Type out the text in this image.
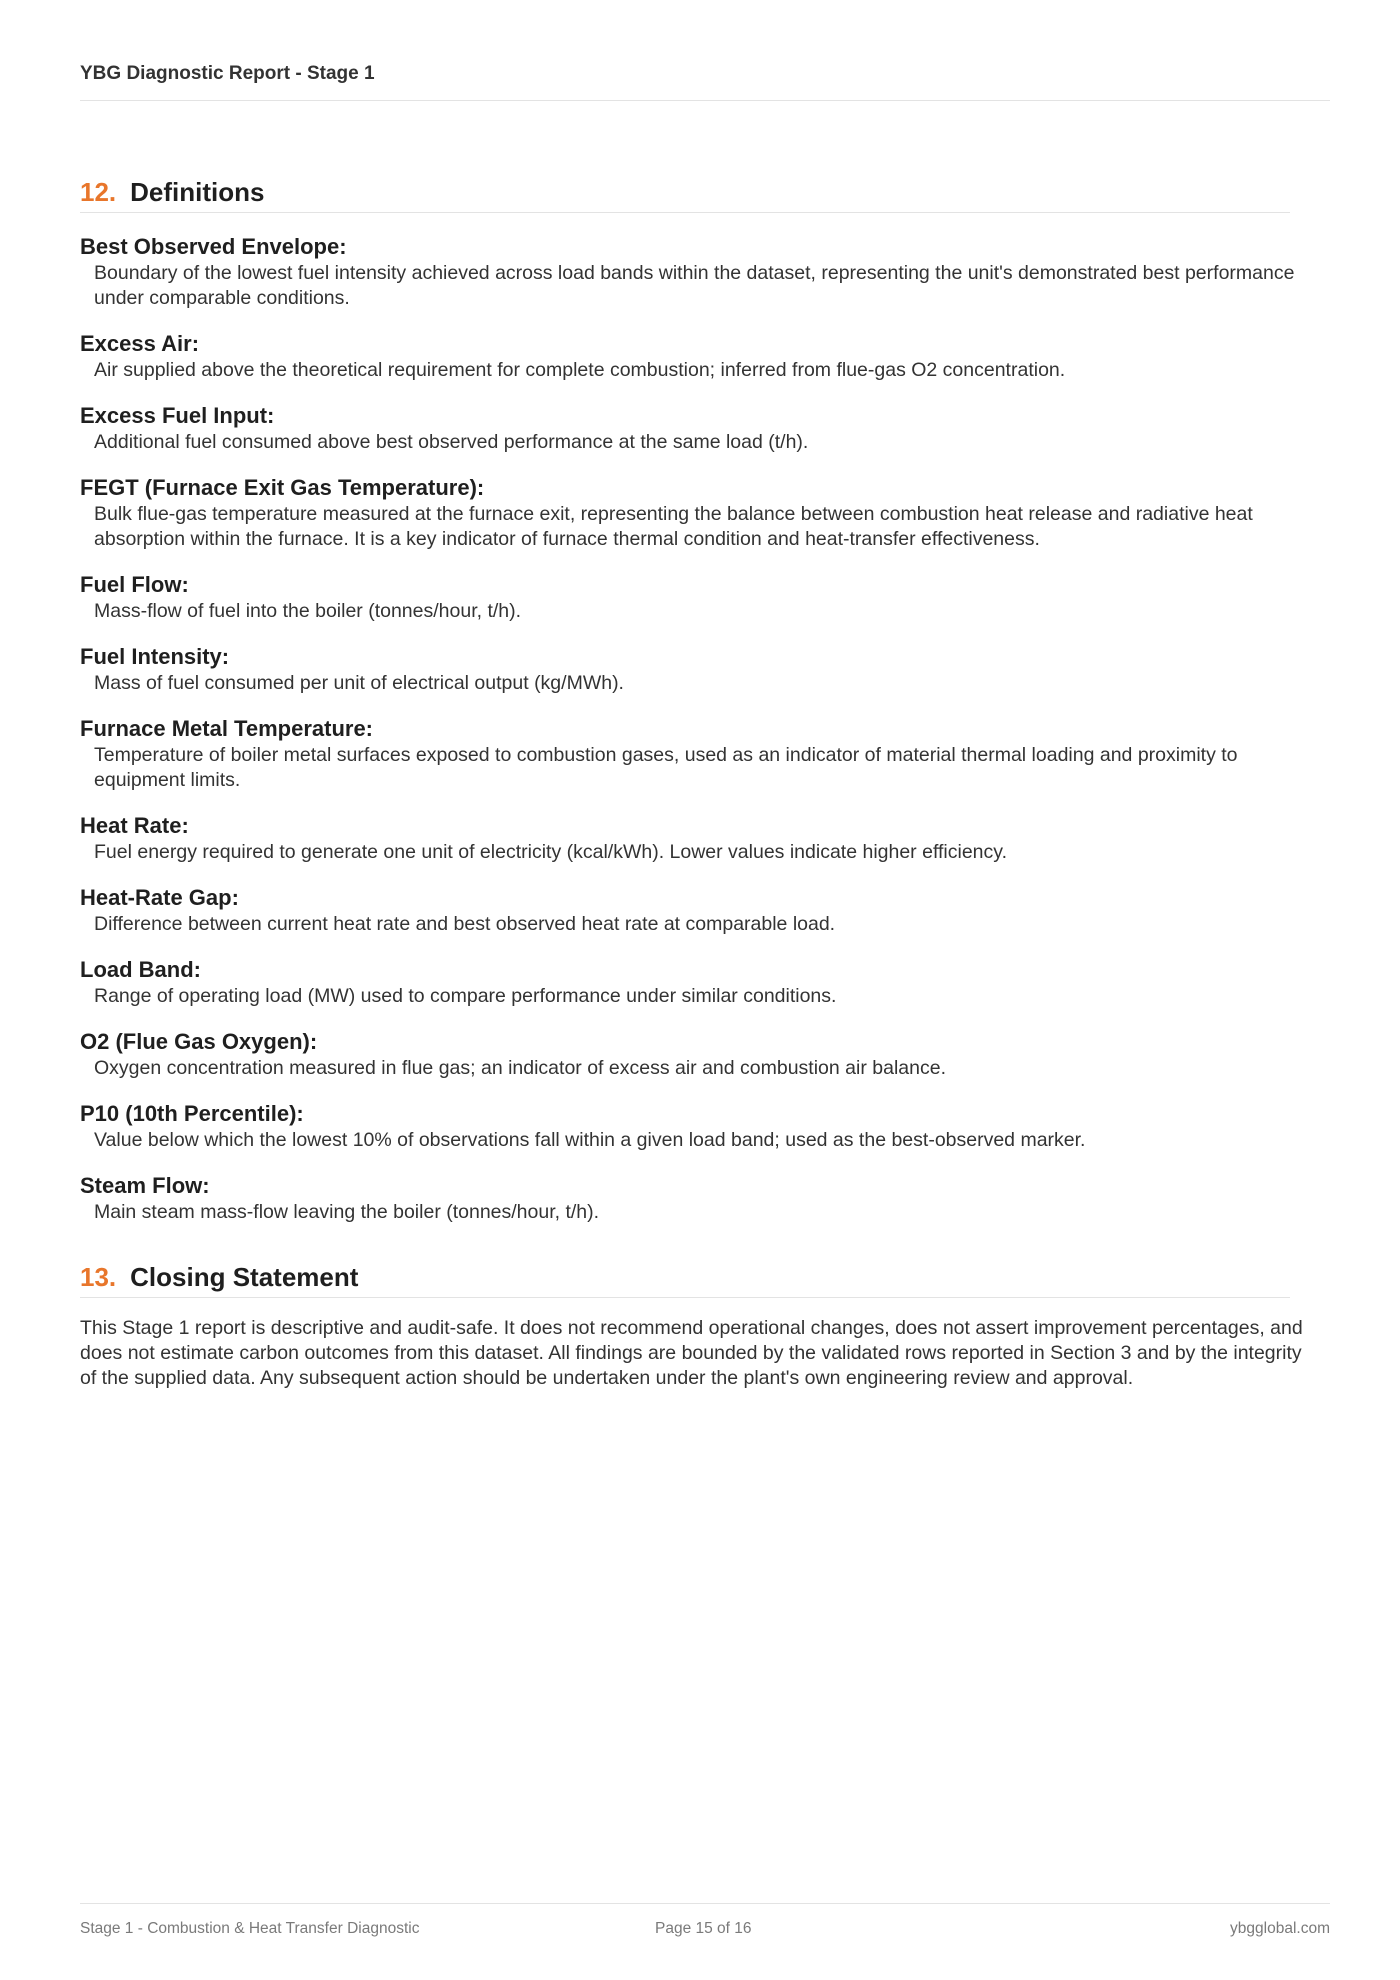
YBG Diagnostic Report - Stage 1
12. Definitions
Best Observed Envelope:
Boundary of the lowest fuel intensity achieved across load bands within the dataset, representing the unit's demonstrated best performance under comparable conditions.
Excess Air:
Air supplied above the theoretical requirement for complete combustion; inferred from flue-gas O2 concentration.
Excess Fuel Input:
Additional fuel consumed above best observed performance at the same load (t/h).
FEGT (Furnace Exit Gas Temperature):
Bulk flue-gas temperature measured at the furnace exit, representing the balance between combustion heat release and radiative heat absorption within the furnace. It is a key indicator of furnace thermal condition and heat-transfer effectiveness.
Fuel Flow:
Mass-flow of fuel into the boiler (tonnes/hour, t/h).
Fuel Intensity:
Mass of fuel consumed per unit of electrical output (kg/MWh).
Furnace Metal Temperature:
Temperature of boiler metal surfaces exposed to combustion gases, used as an indicator of material thermal loading and proximity to equipment limits.
Heat Rate:
Fuel energy required to generate one unit of electricity (kcal/kWh). Lower values indicate higher efficiency.
Heat-Rate Gap:
Difference between current heat rate and best observed heat rate at comparable load.
Load Band:
Range of operating load (MW) used to compare performance under similar conditions.
O2 (Flue Gas Oxygen):
Oxygen concentration measured in flue gas; an indicator of excess air and combustion air balance.
P10 (10th Percentile):
Value below which the lowest 10% of observations fall within a given load band; used as the best-observed marker.
Steam Flow:
Main steam mass-flow leaving the boiler (tonnes/hour, t/h).
13. Closing Statement
This Stage 1 report is descriptive and audit-safe. It does not recommend operational changes, does not assert improvement percentages, and does not estimate carbon outcomes from this dataset. All findings are bounded by the validated rows reported in Section 3 and by the integrity of the supplied data. Any subsequent action should be undertaken under the plant's own engineering review and approval.
Stage 1 - Combustion & Heat Transfer Diagnostic	Page 15 of 16	ybgglobal.com
